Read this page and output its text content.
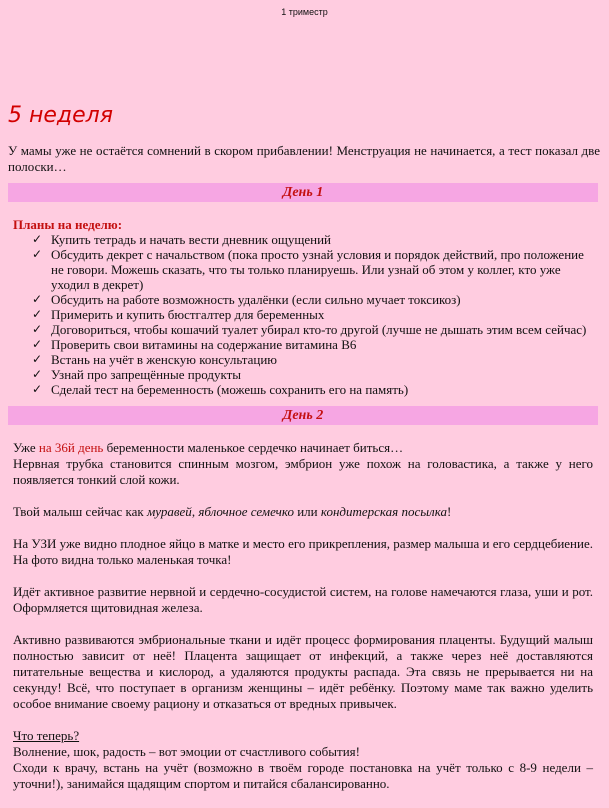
1 триместр
5 неделя

У мамы уже не остаётся сомнений в скором прибавлении! Менструация не начинается, а тест показал две полоски…

День 1
Планы на неделю:
✓ Купить тетрадь и начать вести дневник ощущений
✓ Обсудить декрет с начальством (пока просто узнай условия и порядок действий, про положение не говори. Можешь сказать, что ты только планируешь. Или узнай об этом у коллег, кто уже уходил в декрет)
✓ Обсудить на работе возможность удалёнки (если сильно мучает токсикоз)
✓ Примерить и купить бюстгалтер для беременных
✓ Договориться, чтобы кошачий туалет убирал кто-то другой (лучше не дышать этим всем сейчас)
✓ Проверить свои витамины на содержание витамина В6
✓ Встань на учёт в женскую консультацию
✓ Узнай про запрещённые продукты
✓ Сделай тест на беременность (можешь сохранить его на память)
День 2

Уже на 36й день беременности маленькое сердечко начинает биться…
Нервная трубка становится спинным мозгом, эмбрион уже похож на головастика, а также у него появляется тонкий слой кожи.

Твой малыш сейчас как муравей, яблочное семечко или кондитерская посылка!

На УЗИ уже видно плодное яйцо в матке и место его прикрепления, размер малыша и его сердцебиение. На фото видна только маленькая точка!

Идёт активное развитие нервной и сердечно-сосудистой систем, на голове намечаются глаза, уши и рот. Оформляется щитовидная железа.

Активно развиваются эмбриональные ткани и идёт процесс формирования плаценты. Будущий малыш полностью зависит от неё! Плацента защищает от инфекций, а также через неё доставляются питательные вещества и кислород, а удаляются продукты распада. Эта связь не прерывается ни на секунду! Всё, что поступает в организм женщины – идёт ребёнку. Поэтому маме так важно уделить особое внимание своему рациону и отказаться от вредных привычек.

Что теперь?
Волнение, шок, радость – вот эмоции от счастливого события!
Сходи к врачу, встань на учёт (возможно в твоём городе постановка на учёт только с 8-9 недели – уточни!), занимайся щадящим спортом и питайся сбалансированно.
